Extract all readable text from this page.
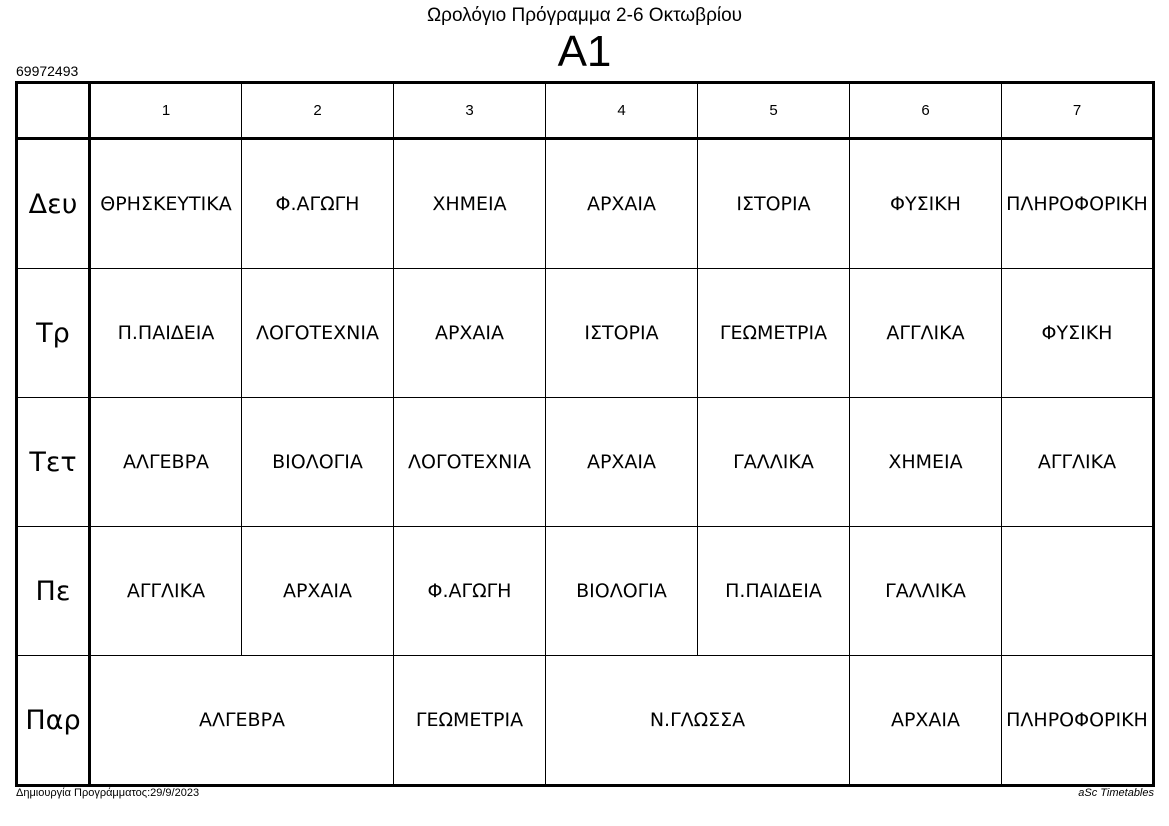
Ωρολόγιο Πρόγραμμα 2-6 Οκτωβρίου
Α1
69972493
	1	2	3	4	5	6	7
Δευ	ΘΡΗΣΚΕΥΤΙΚΑ	Φ.ΑΓΩΓΗ	ΧΗΜΕΙΑ	ΑΡΧΑΙΑ	ΙΣΤΟΡΙΑ	ΦΥΣΙΚΗ	ΠΛΗΡΟΦΟΡΙΚΗ
Τρ	Π.ΠΑΙΔΕΙΑ	ΛΟΓΟΤΕΧΝΙΑ	ΑΡΧΑΙΑ	ΙΣΤΟΡΙΑ	ΓΕΩΜΕΤΡΙΑ	ΑΓΓΛΙΚΑ	ΦΥΣΙΚΗ
Τετ	ΑΛΓΕΒΡΑ	ΒΙΟΛΟΓΙΑ	ΛΟΓΟΤΕΧΝΙΑ	ΑΡΧΑΙΑ	ΓΑΛΛΙΚΑ	ΧΗΜΕΙΑ	ΑΓΓΛΙΚΑ
Πε	ΑΓΓΛΙΚΑ	ΑΡΧΑΙΑ	Φ.ΑΓΩΓΗ	ΒΙΟΛΟΓΙΑ	Π.ΠΑΙΔΕΙΑ	ΓΑΛΛΙΚΑ	
Παρ	ΑΛΓΕΒΡΑ		ΓΕΩΜΕΤΡΙΑ	Ν.ΓΛΩΣΣΑ		ΑΡΧΑΙΑ	ΠΛΗΡΟΦΟΡΙΚΗ
Δημιουργία Προγράμματος:29/9/2023	aSc Timetables
